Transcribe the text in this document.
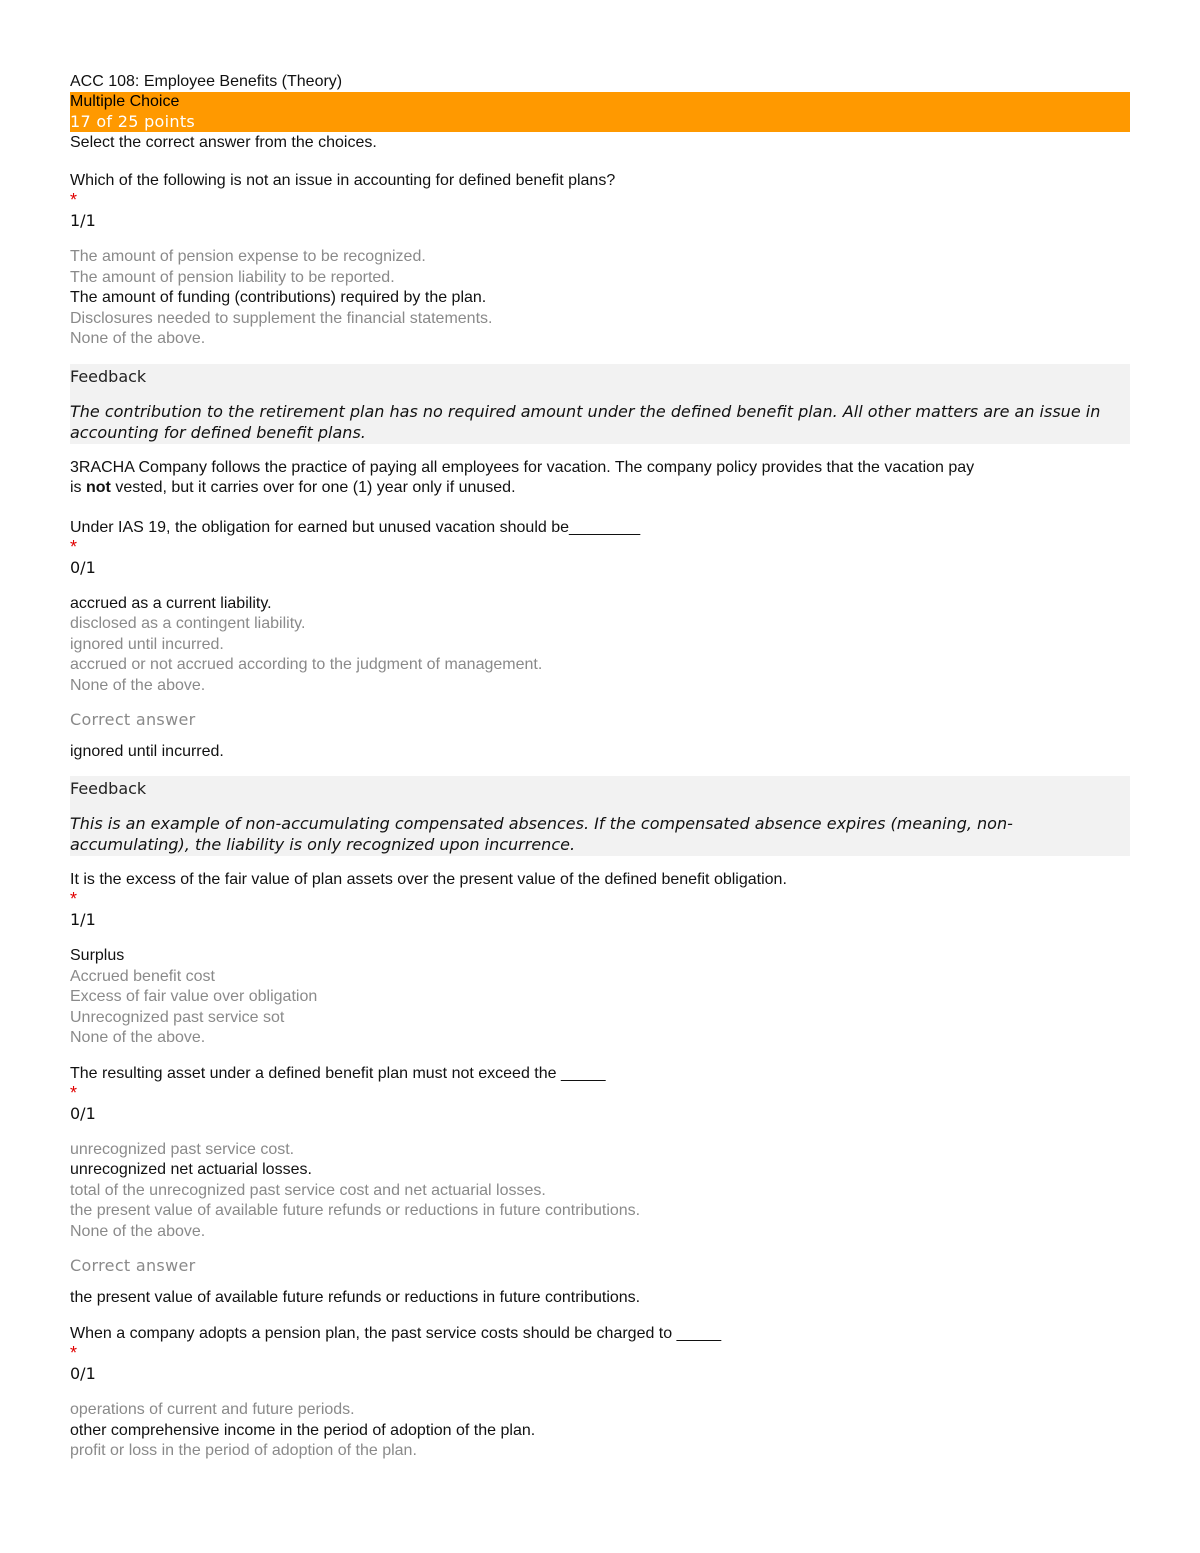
ACC 108: Employee Benefits (Theory)
Multiple Choice
17 of 25 points
Select the correct answer from the choices.
Which of the following is not an issue in accounting for defined benefit plans?
*
1/1
The amount of pension expense to be recognized.
The amount of pension liability to be reported.
The amount of funding (contributions) required by the plan.
Disclosures needed to supplement the financial statements.
None of the above.
Feedback
The contribution to the retirement plan has no required amount under the defined benefit plan. All other matters are an issue in accounting for defined benefit plans.
3RACHA Company follows the practice of paying all employees for vacation. The company policy provides that the vacation pay
is not vested, but it carries over for one (1) year only if unused.
Under IAS 19, the obligation for earned but unused vacation should be________
*
0/1
accrued as a current liability.
disclosed as a contingent liability.
ignored until incurred.
accrued or not accrued according to the judgment of management.
None of the above.
Correct answer
ignored until incurred.
Feedback
This is an example of non-accumulating compensated absences. If the compensated absence expires (meaning, non-accumulating), the liability is only recognized upon incurrence.
It is the excess of the fair value of plan assets over the present value of the defined benefit obligation.
*
1/1
Surplus
Accrued benefit cost
Excess of fair value over obligation
Unrecognized past service sot
None of the above.
The resulting asset under a defined benefit plan must not exceed the _____
*
0/1
unrecognized past service cost.
unrecognized net actuarial losses.
total of the unrecognized past service cost and net actuarial losses.
the present value of available future refunds or reductions in future contributions.
None of the above.
Correct answer
the present value of available future refunds or reductions in future contributions.
When a company adopts a pension plan, the past service costs should be charged to _____
*
0/1
operations of current and future periods.
other comprehensive income in the period of adoption of the plan.
profit or loss in the period of adoption of the plan.
